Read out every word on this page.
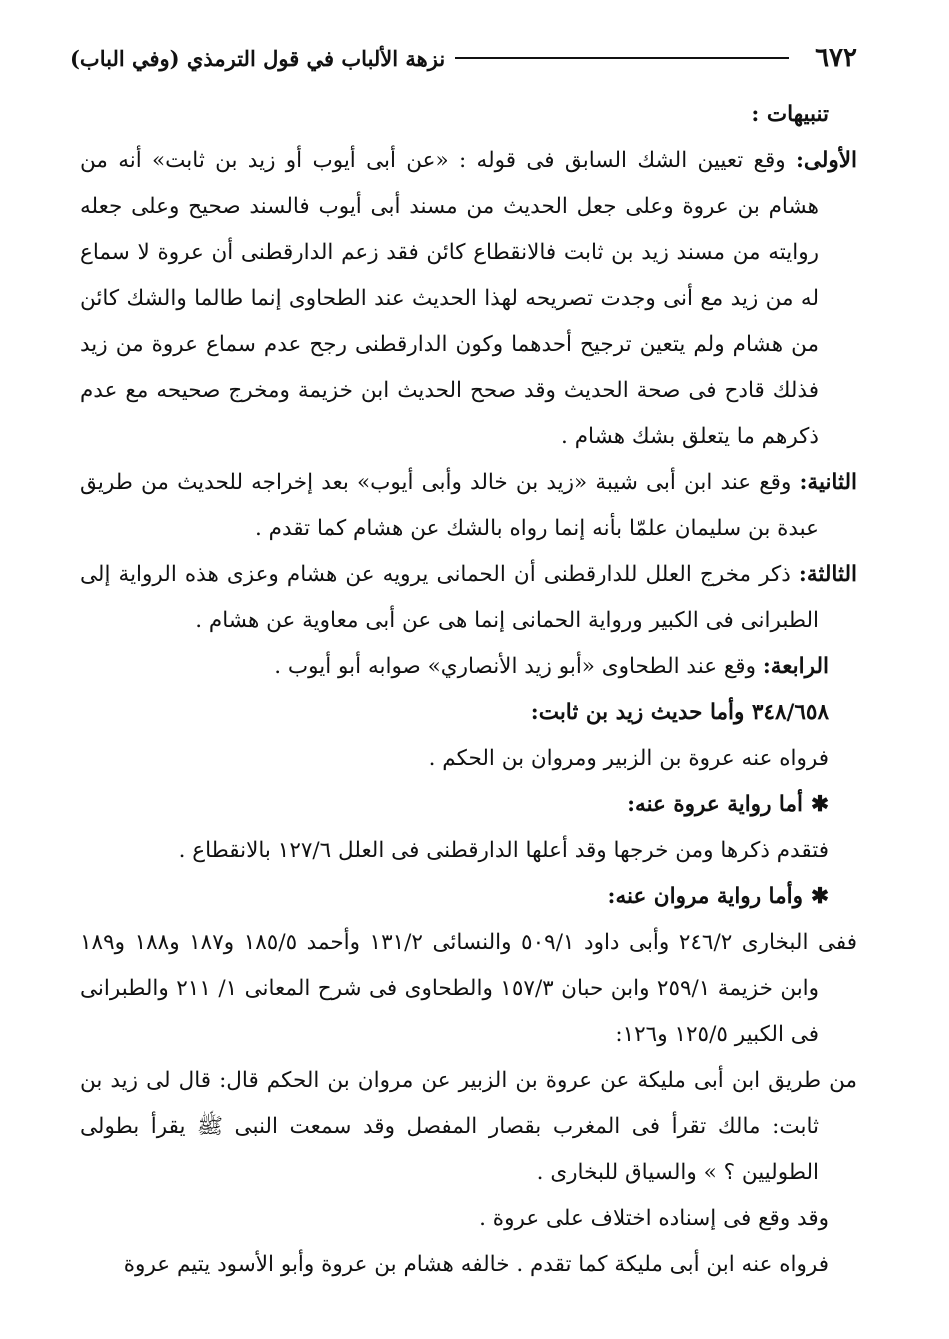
٦٧٢
نزهة الألباب في قول الترمذي (وفي الباب)

تنبيهات :

الأولى: وقع تعيين الشك السابق فى قوله : «عن أبى أيوب أو زيد بن ثابت» أنه من هشام بن عروة وعلى جعل الحديث من مسند أبى أيوب فالسند صحيح وعلى جعله روايته من مسند زيد بن ثابت فالانقطاع كائن فقد زعم الدارقطنى أن عروة لا سماع له من زيد مع أنى وجدت تصريحه لهذا الحديث عند الطحاوى إنما طالما والشك كائن من هشام ولم يتعين ترجيح أحدهما وكون الدارقطنى رجح عدم سماع عروة من زيد فذلك قادح فى صحة الحديث وقد صحح الحديث ابن خزيمة ومخرج صحيحه مع عدم ذكرهم ما يتعلق بشك هشام .

الثانية: وقع عند ابن أبى شيبة «زيد بن خالد وأبى أيوب» بعد إخراجه للحديث من طريق عبدة بن سليمان علمّا بأنه إنما رواه بالشك عن هشام كما تقدم .

الثالثة: ذكر مخرج العلل للدارقطنى أن الحمانى يرويه عن هشام وعزى هذه الرواية إلى الطبرانى فى الكبير ورواية الحمانى إنما هى عن أبى معاوية عن هشام .

الرابعة: وقع عند الطحاوى «أبو زيد الأنصاري» صوابه أبو أيوب .

٣٤٨/٦٥٨ وأما حديث زيد بن ثابت:

فرواه عنه عروة بن الزبير ومروان بن الحكم .

✱أما رواية عروة عنه:

فتقدم ذكرها ومن خرجها وقد أعلها الدارقطنى فى العلل ١٢٧/٦ بالانقطاع .

✱وأما رواية مروان عنه:

ففى البخارى ٢٤٦/٢ وأبى داود ٥٠٩/١ والنسائى ١٣١/٢ وأحمد ١٨٥/٥ و١٨٧ و١٨٨ و١٨٩ وابن خزيمة ٢٥٩/١ وابن حبان ١٥٧/٣ والطحاوى فى شرح المعانى ١/ ٢١١ والطبرانى فى الكبير ١٢٥/٥ و١٢٦:

من طريق ابن أبى مليكة عن عروة بن الزبير عن مروان بن الحكم قال: قال لى زيد بن ثابت: مالك تقرأ فى المغرب بقصار المفصل وقد سمعت النبى ﷺ يقرأ بطولى الطوليين ؟ » والسياق للبخارى .

وقد وقع فى إسناده اختلاف على عروة .

فرواه عنه ابن أبى مليكة كما تقدم . خالفه هشام بن عروة وأبو الأسود يتيم عروة
